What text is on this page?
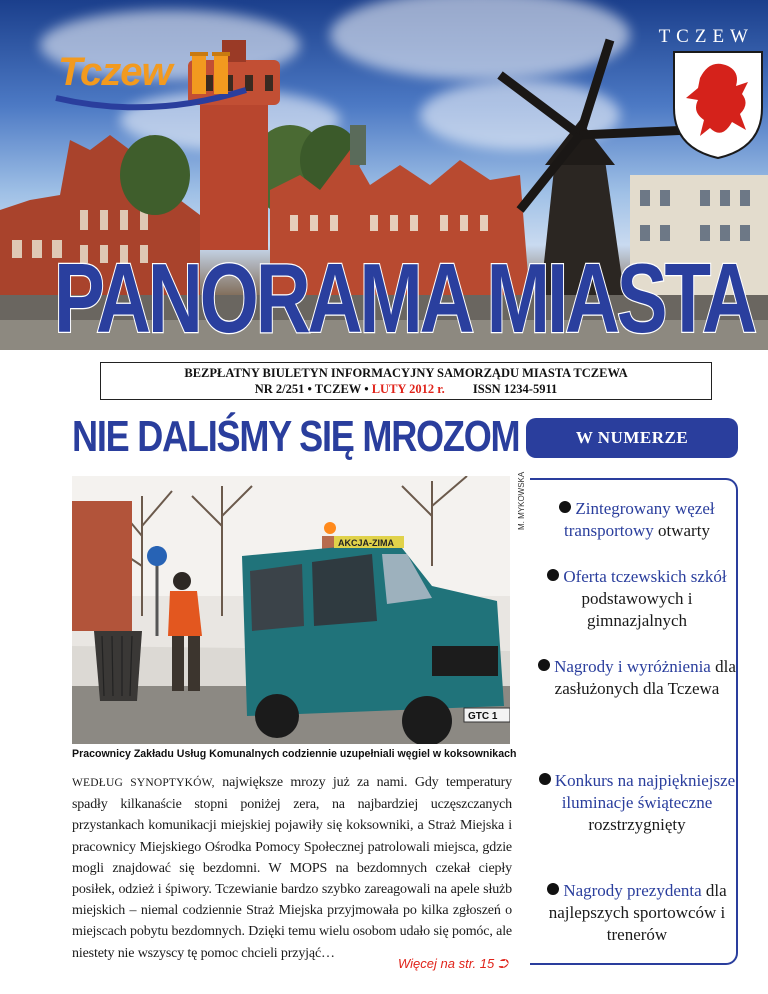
TCZEW
Tczew
PANORAMA MIASTA
BEZPŁATNY BIULETYN INFORMACYJNY SAMORZĄDU MIASTA TCZEWA
NR 2/251 • TCZEW • LUTY 2012 r. ISSN 1234-5911
NIE DALIŚMY SIĘ MROZOM
AKCJA-ZIMA
GTC 1
M. MYKOWSKA
Pracownicy Zakładu Usług Komunalnych codziennie uzupełniali węgiel w koksownikach

WEDŁUG SYNOPTYKÓW, największe mrozy już za nami. Gdy temperatury spadły kilkanaście stopni poniżej zera, na najbardziej uczęszczanych przystankach komunikacji miejskiej pojawiły się koksowniki, a Straż Miejska i pracownicy Miejskiego Ośrodka Pomocy Społecznej patrolowali miejsca, gdzie mogli znajdować się bezdomni. W MOPS na bezdomnych czekał ciepły posiłek, odzież i śpiwory. Tczewianie bardzo szybko zareagowali na apele służb miejskich – niemal codziennie Straż Miejska przyjmowała po kilka zgłoszeń o miejscach pobytu bezdomnych. Dzięki temu wielu osobom udało się pomóc, ale niestety nie wszyscy tę pomoc chcieli przyjąć…

Więcej na str. 15 ⮊
W NUMERZE
Zintegrowany węzeł transportowy otwarty
Oferta tczewskich szkół podstawowych i gimnazjalnych
Nagrody i wyróżnienia dla zasłużonych dla Tczewa
Konkurs na najpiękniejsze iluminacje świąteczne rozstrzygnięty
Nagrody prezydenta dla najlepszych sportowców i trenerów
